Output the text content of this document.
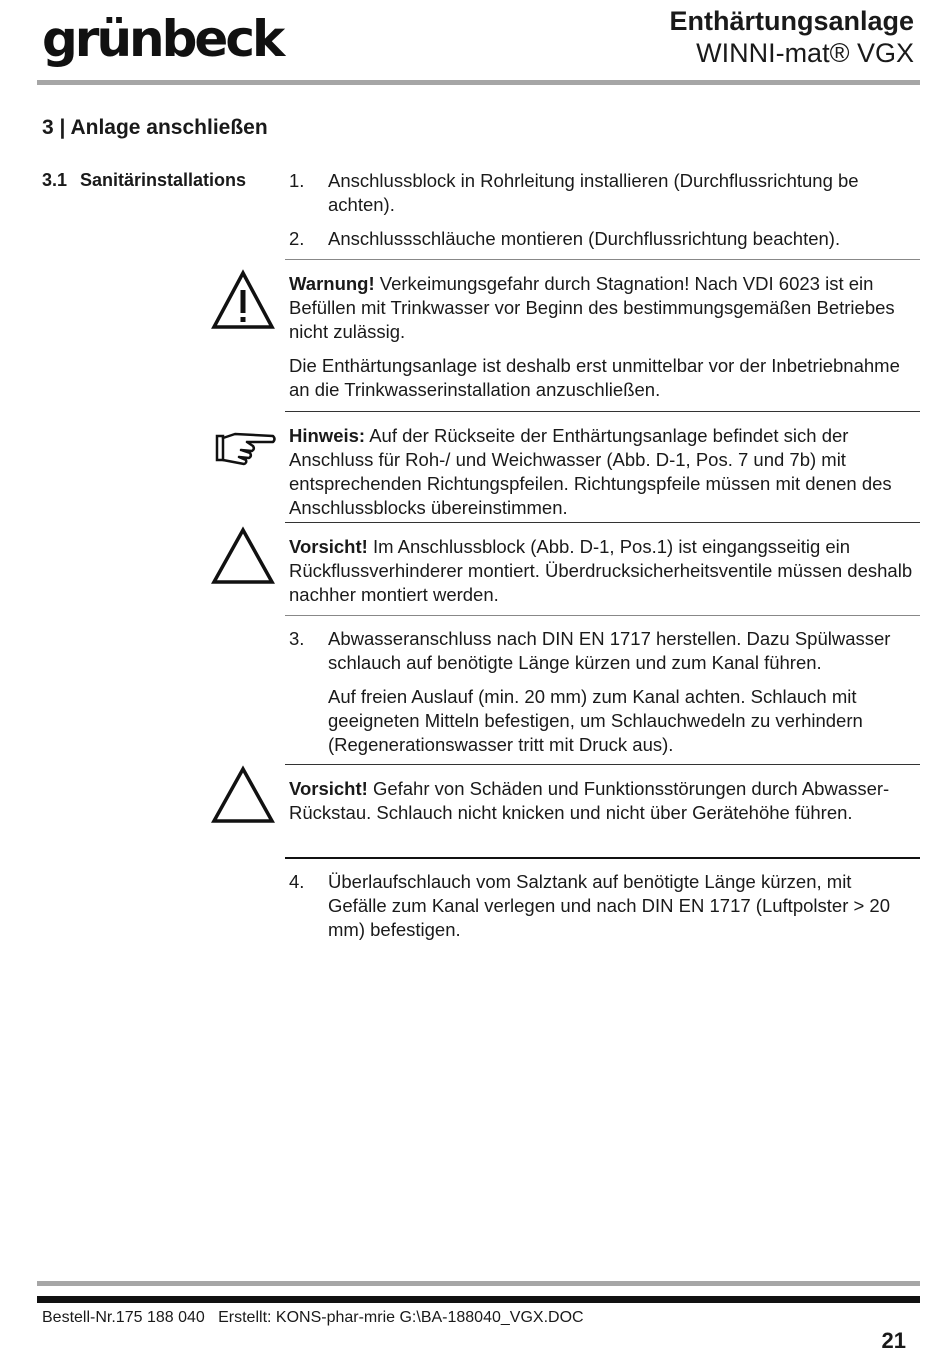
grünbeck	Enthärtungsanlage
WINNI-mat® VGX
3 | Anlage anschließen
3.1 Sanitärinstallations 1.	Anschlussblock in Rohrleitung installieren (Durchflussrichtung be achten).
2.	Anschlussschläuche montieren (Durchflussrichtung beachten).

Warnung! Verkeimungsgefahr durch Stagnation! Nach VDI 6023 ist ein Befüllen mit Trinkwasser vor Beginn des bestimmungsgemäßen Betriebes nicht zulässig.

Die Enthärtungsanlage ist deshalb erst unmittelbar vor der Inbetriebnahme an die Trinkwasserinstallation anzuschließen.

Hinweis: Auf der Rückseite der Enthärtungsanlage befindet sich der Anschluss für Roh-/ und Weichwasser (Abb. D-1, Pos. 7 und 7b) mit entsprechenden Richtungspfeilen. Richtungspfeile müssen mit denen des Anschlussblocks übereinstimmen.

Vorsicht! Im Anschlussblock (Abb. D-1, Pos.1) ist eingangsseitig ein Rückflussverhinderer montiert. Überdrucksicherheitsventile müssen deshalb nachher montiert werden.

3.	Abwasseranschluss nach DIN EN 1717 herstellen. Dazu Spülwasser schlauch auf benötigte Länge kürzen und zum Kanal führen.

Auf freien Auslauf (min. 20 mm) zum Kanal achten. Schlauch mit geeigneten Mitteln befestigen, um Schlauchwedeln zu verhindern (Regenerationswasser tritt mit Druck aus).

Vorsicht! Gefahr von Schäden und Funktionsstörungen durch Abwasser-Rückstau. Schlauch nicht knicken und nicht über Gerätehöhe führen.

4.	Überlaufschlauch vom Salztank auf benötigte Länge kürzen, mit Gefälle zum Kanal verlegen und nach DIN EN 1717 (Luftpolster > 20 mm) befestigen.
Bestell-Nr.175 188 040   Erstellt: KONS-phar-mrie G:\BA-188040_VGX.DOC
21
